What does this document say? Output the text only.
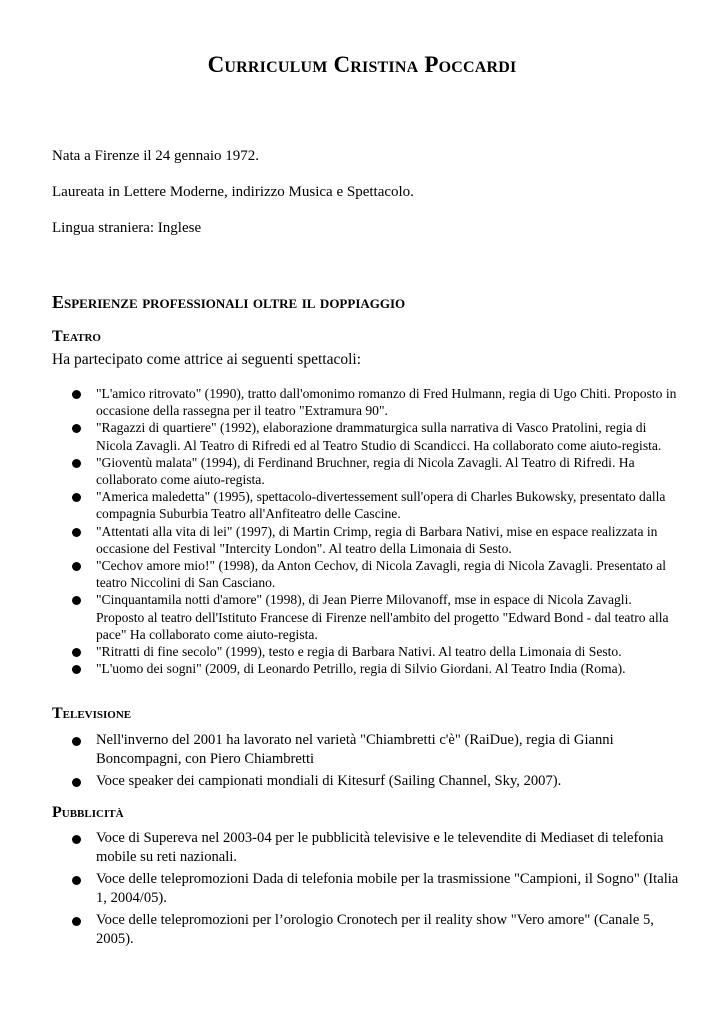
Curriculum Cristina Poccardi
Nata a Firenze il 24 gennaio 1972.
Laureata in Lettere Moderne, indirizzo Musica e Spettacolo.
Lingua straniera: Inglese
Esperienze professionali oltre il doppiaggio
Teatro
Ha partecipato come attrice ai seguenti spettacoli:
"L'amico ritrovato" (1990), tratto dall'omonimo romanzo di Fred Hulmann, regia di Ugo Chiti. Proposto in occasione della rassegna per il teatro "Extramura 90".
"Ragazzi di quartiere" (1992), elaborazione drammaturgica sulla narrativa di Vasco Pratolini, regia di Nicola Zavagli. Al Teatro di Rifredi ed al Teatro Studio di Scandicci. Ha collaborato come aiuto-regista.
"Gioventù malata" (1994), di Ferdinand Bruchner, regia di Nicola Zavagli. Al Teatro di Rifredi. Ha collaborato come aiuto-regista.
"America maledetta" (1995), spettacolo-divertessement sull'opera di Charles Bukowsky, presentato dalla compagnia Suburbia Teatro all'Anfiteatro delle Cascine.
"Attentati alla vita di lei" (1997), di Martin Crimp, regia di Barbara Nativi, mise en espace realizzata in occasione del Festival "Intercity London". Al teatro della Limonaia di Sesto.
"Cechov amore mio!" (1998), da Anton Cechov, di Nicola Zavagli, regia di Nicola Zavagli. Presentato al teatro Niccolini di San Casciano.
"Cinquantamila notti d'amore" (1998), di Jean Pierre Milovanoff, mse in espace di Nicola Zavagli. Proposto al teatro dell'Istituto Francese di Firenze nell'ambito del progetto "Edward Bond - dal teatro alla pace" Ha collaborato come aiuto-regista.
"Ritratti di fine secolo" (1999), testo e regia di Barbara Nativi. Al teatro della Limonaia di Sesto.
"L'uomo dei sogni" (2009, di Leonardo Petrillo, regia di Silvio Giordani. Al Teatro India (Roma).
Televisione
Nell'inverno del 2001 ha lavorato nel varietà "Chiambretti c'è" (RaiDue), regia di Gianni Boncompagni, con Piero Chiambretti
Voce speaker dei campionati mondiali di Kitesurf (Sailing Channel, Sky, 2007).
Pubblicità
Voce di Supereva nel 2003-04 per le pubblicità televisive e le televendite di Mediaset di telefonia mobile su reti nazionali.
Voce delle telepromozioni Dada di telefonia mobile per la trasmissione "Campioni, il Sogno" (Italia 1, 2004/05).
Voce delle telepromozioni per l’orologio Cronotech per il reality show "Vero amore" (Canale 5, 2005).
